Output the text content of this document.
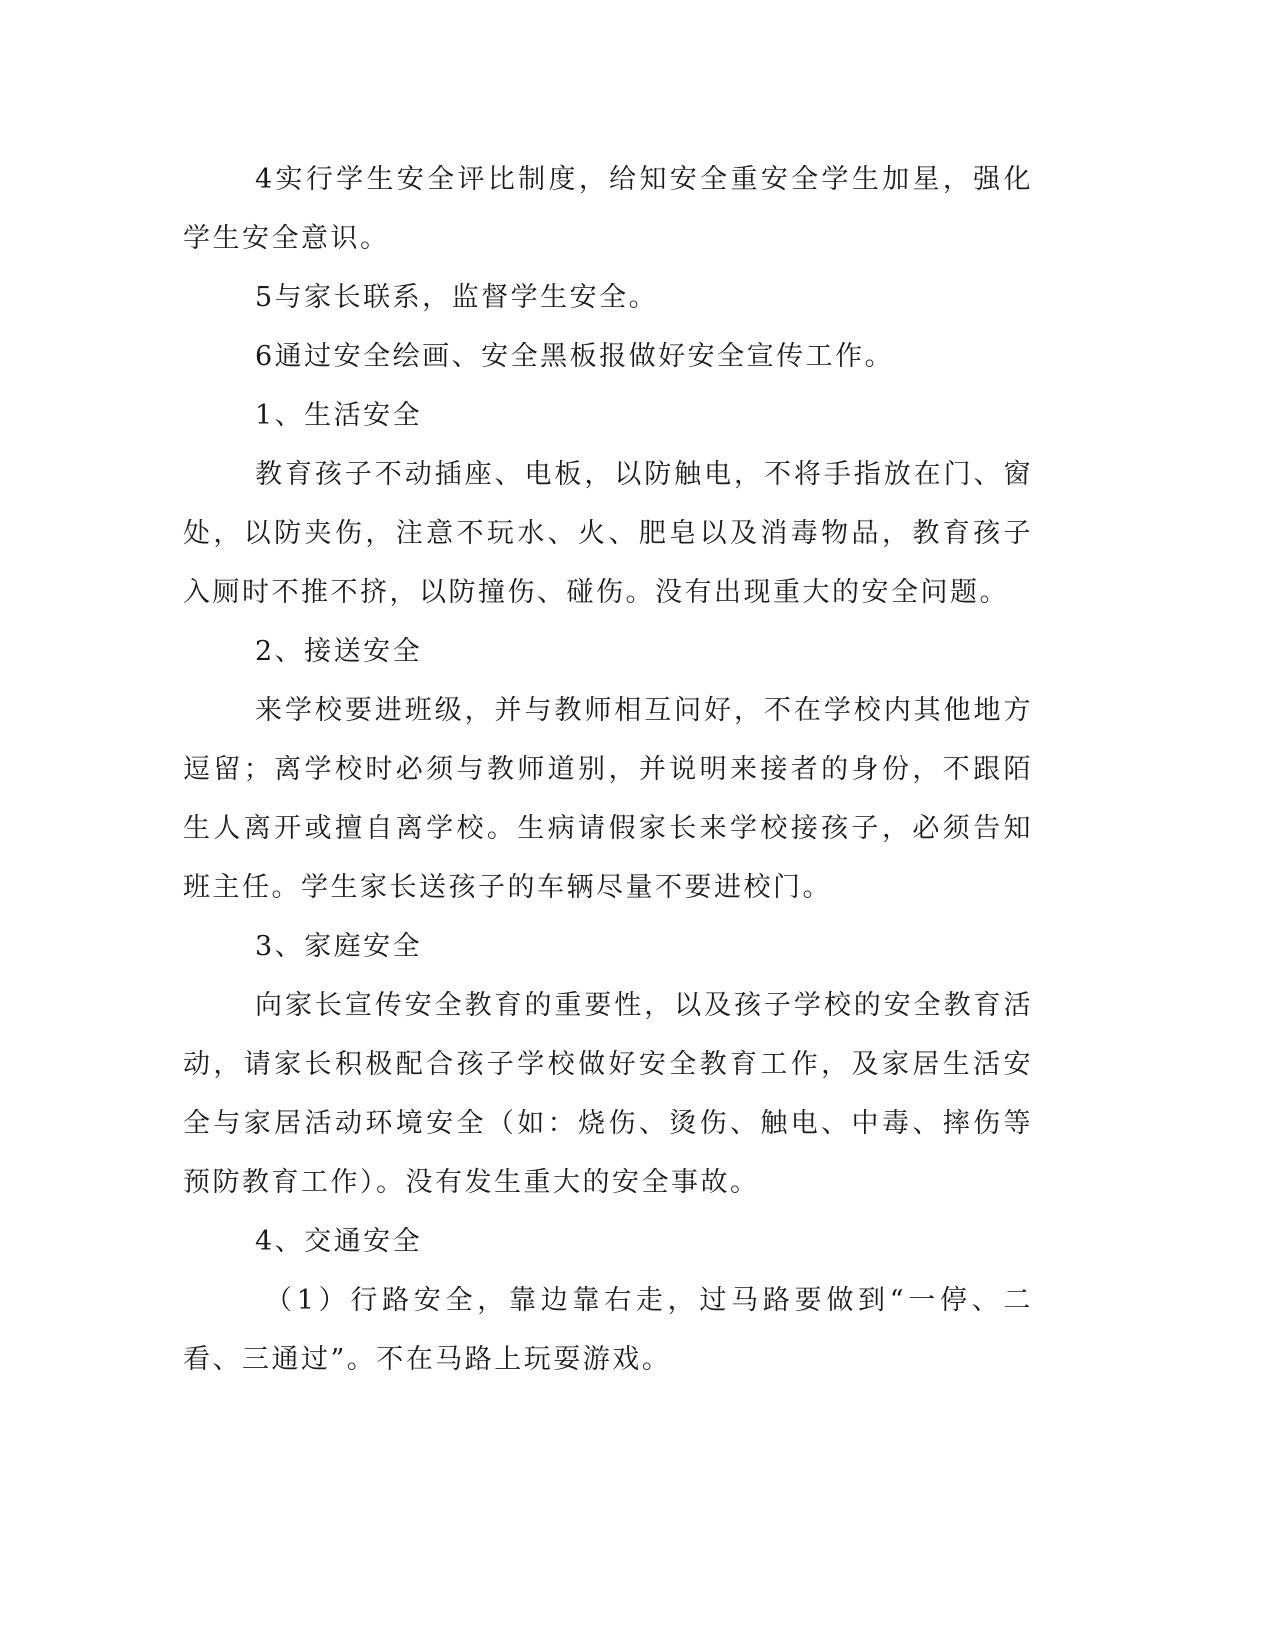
4实行学生安全评比制度，给知安全重安全学生加星，强化学生安全意识。

5与家长联系，监督学生安全。

6通过安全绘画、安全黑板报做好安全宣传工作。

1、生活安全

教育孩子不动插座、电板，以防触电，不将手指放在门、窗处，以防夹伤，注意不玩水、火、肥皂以及消毒物品，教育孩子入厕时不推不挤，以防撞伤、碰伤。没有出现重大的安全问题。

2、接送安全

来学校要进班级，并与教师相互问好，不在学校内其他地方逗留；离学校时必须与教师道别，并说明来接者的身份，不跟陌生人离开或擅自离学校。生病请假家长来学校接孩子，必须告知班主任。学生家长送孩子的车辆尽量不要进校门。

3、家庭安全

向家长宣传安全教育的重要性，以及孩子学校的安全教育活动，请家长积极配合孩子学校做好安全教育工作，及家居生活安全与家居活动环境安全（如：烧伤、烫伤、触电、中毒、摔伤等预防教育工作）。没有发生重大的安全事故。

4、交通安全

（1）行路安全，靠边靠右走，过马路要做到“一停、二看、三通过”。不在马路上玩耍游戏。
